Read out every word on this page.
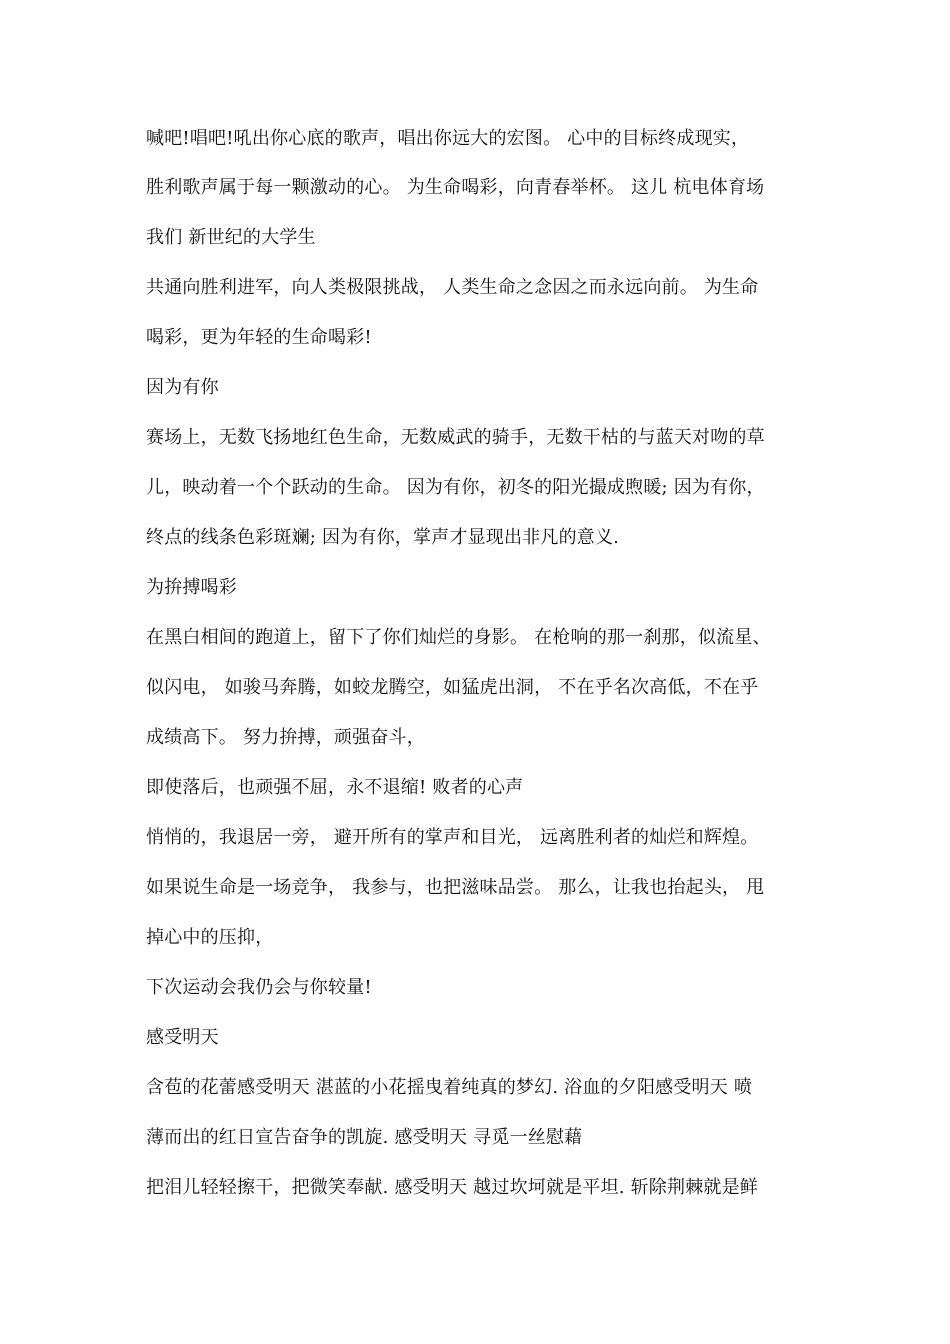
喊吧!唱吧!吼出你心底的歌声，唱出你远大的宏图。 心中的目标终成现实，
胜利歌声属于每一颗激动的心。 为生命喝彩，向青春举杯。 这儿 杭电体育场
我们 新世纪的大学生
共通向胜利进军，向人类极限挑战， 人类生命之念因之而永远向前。 为生命
喝彩，更为年轻的生命喝彩!
因为有你
赛场上，无数飞扬地红色生命，无数威武的骑手，无数干枯的与蓝天对吻的草
儿，映动着一个个跃动的生命。 因为有你，初冬的阳光撮成煦暖; 因为有你，
终点的线条色彩斑斓; 因为有你，掌声才显现出非凡的意义.
为拚搏喝彩
在黑白相间的跑道上，留下了你们灿烂的身影。 在枪响的那一刹那，似流星、
似闪电， 如骏马奔腾，如蛟龙腾空，如猛虎出洞， 不在乎名次高低，不在乎
成绩高下。 努力拚搏，顽强奋斗，
即使落后，也顽强不屈，永不退缩! 败者的心声
悄悄的，我退居一旁， 避开所有的掌声和目光， 远离胜利者的灿烂和辉煌。
如果说生命是一场竞争， 我参与，也把滋味品尝。 那么，让我也抬起头， 甩
掉心中的压抑，
下次运动会我仍会与你较量!
感受明天
含苞的花蕾感受明天 湛蓝的小花摇曳着纯真的梦幻. 浴血的夕阳感受明天 喷
薄而出的红日宣告奋争的凯旋. 感受明天 寻觅一丝慰藉
把泪儿轻轻擦干，把微笑奉献. 感受明天 越过坎坷就是平坦. 斩除荆棘就是鲜
